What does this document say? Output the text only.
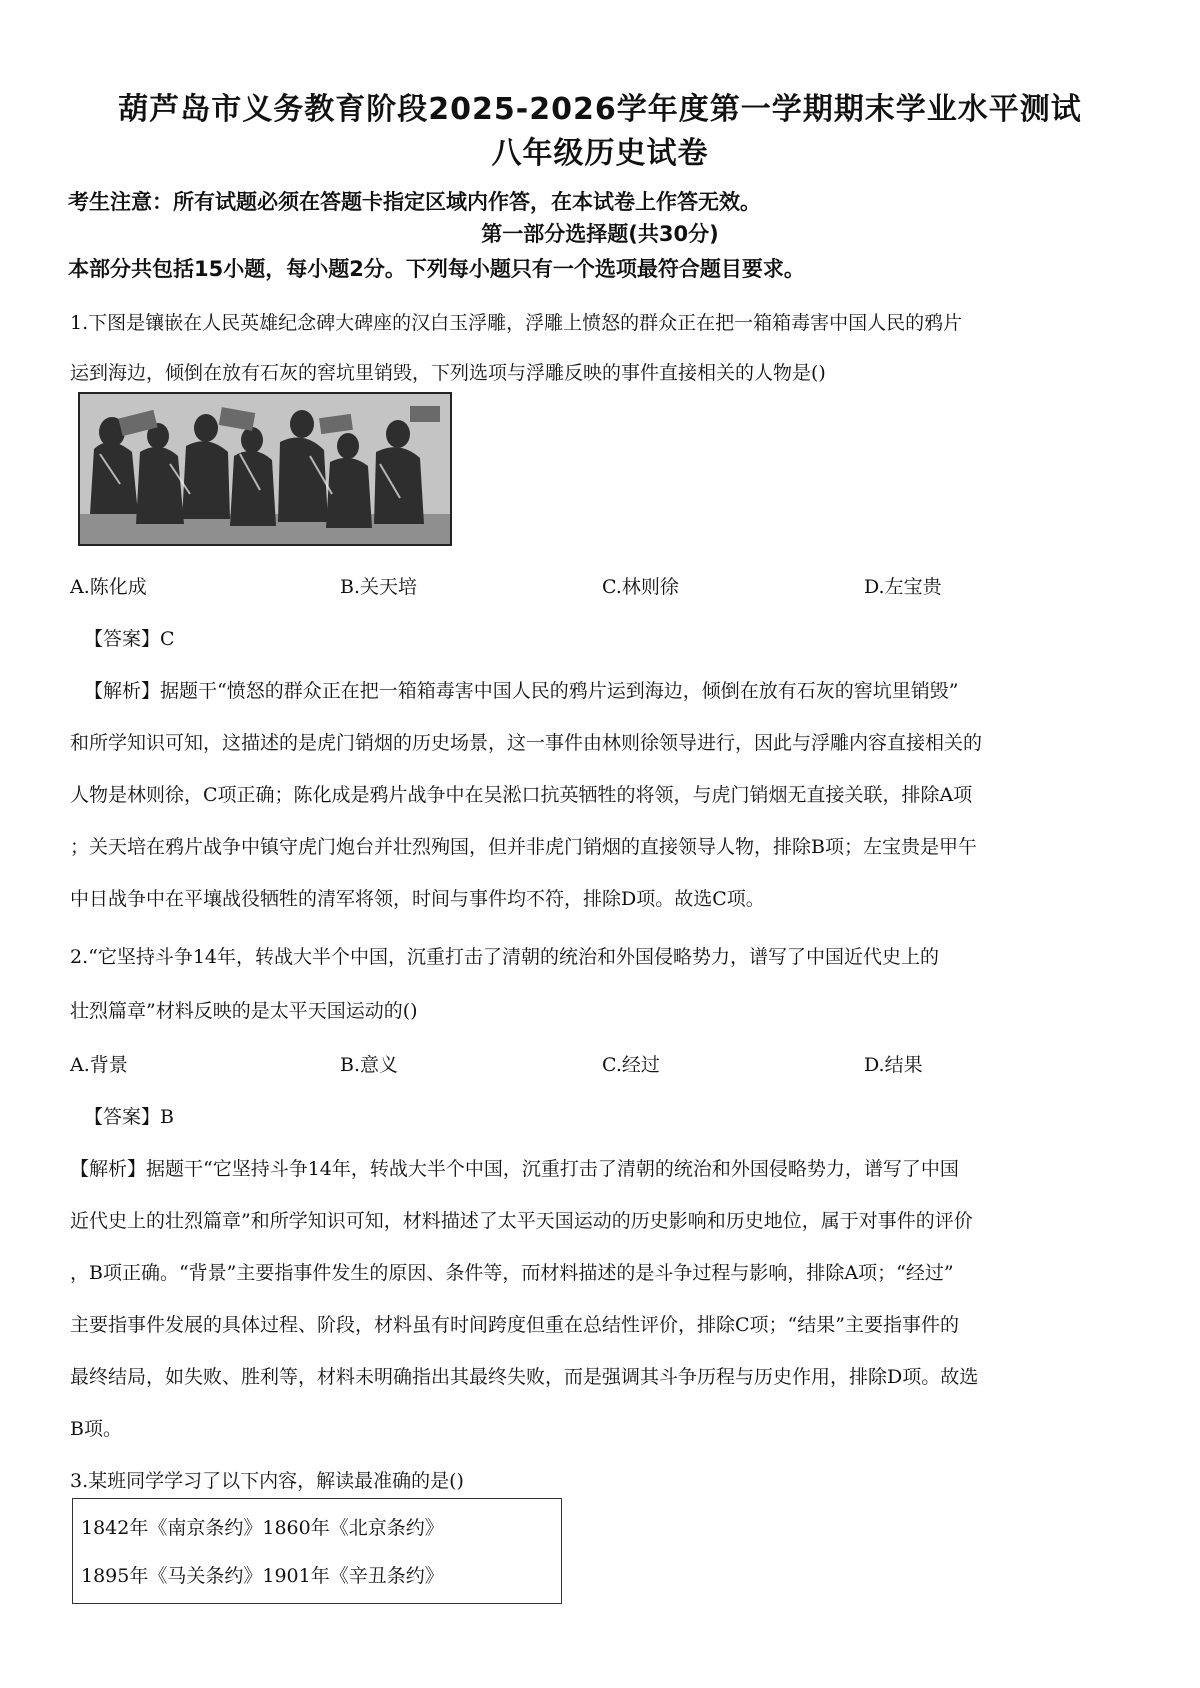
葫芦岛市义务教育阶段2025-2026学年度第一学期期末学业水平测试
八年级历史试卷
考生注意：所有试题必须在答题卡指定区域内作答，在本试卷上作答无效。
第一部分选择题(共30分)
本部分共包括15小题，每小题2分。下列每小题只有一个选项最符合题目要求。
1.下图是镶嵌在人民英雄纪念碑大碑座的汉白玉浮雕，浮雕上愤怒的群众正在把一箱箱毒害中国人民的鸦片
运到海边，倾倒在放有石灰的窖坑里销毁，下列选项与浮雕反映的事件直接相关的人物是()
A.陈化成	B.关天培	C.林则徐	D.左宝贵
【答案】C
【解析】据题干“愤怒的群众正在把一箱箱毒害中国人民的鸦片运到海边，倾倒在放有石灰的窖坑里销毁”
和所学知识可知，这描述的是虎门销烟的历史场景，这一事件由林则徐领导进行，因此与浮雕内容直接相关的
人物是林则徐，C项正确；陈化成是鸦片战争中在吴淞口抗英牺牲的将领，与虎门销烟无直接关联，排除A项
；关天培在鸦片战争中镇守虎门炮台并壮烈殉国，但并非虎门销烟的直接领导人物，排除B项；左宝贵是甲午
中日战争中在平壤战役牺牲的清军将领，时间与事件均不符，排除D项。故选C项。
2.“它坚持斗争14年，转战大半个中国，沉重打击了清朝的统治和外国侵略势力，谱写了中国近代史上的
壮烈篇章”材料反映的是太平天国运动的()
A.背景	B.意义	C.经过	D.结果
【答案】B
【解析】据题干“它坚持斗争14年，转战大半个中国，沉重打击了清朝的统治和外国侵略势力，谱写了中国
近代史上的壮烈篇章”和所学知识可知，材料描述了太平天国运动的历史影响和历史地位，属于对事件的评价
，B项正确。“背景”主要指事件发生的原因、条件等，而材料描述的是斗争过程与影响，排除A项；“经过”
主要指事件发展的具体过程、阶段，材料虽有时间跨度但重在总结性评价，排除C项；“结果”主要指事件的
最终结局，如失败、胜利等，材料未明确指出其最终失败，而是强调其斗争历程与历史作用，排除D项。故选
B项。
3.某班同学学习了以下内容，解读最准确的是()
1842年《南京条约》1860年《北京条约》
1895年《马关条约》1901年《辛丑条约》
